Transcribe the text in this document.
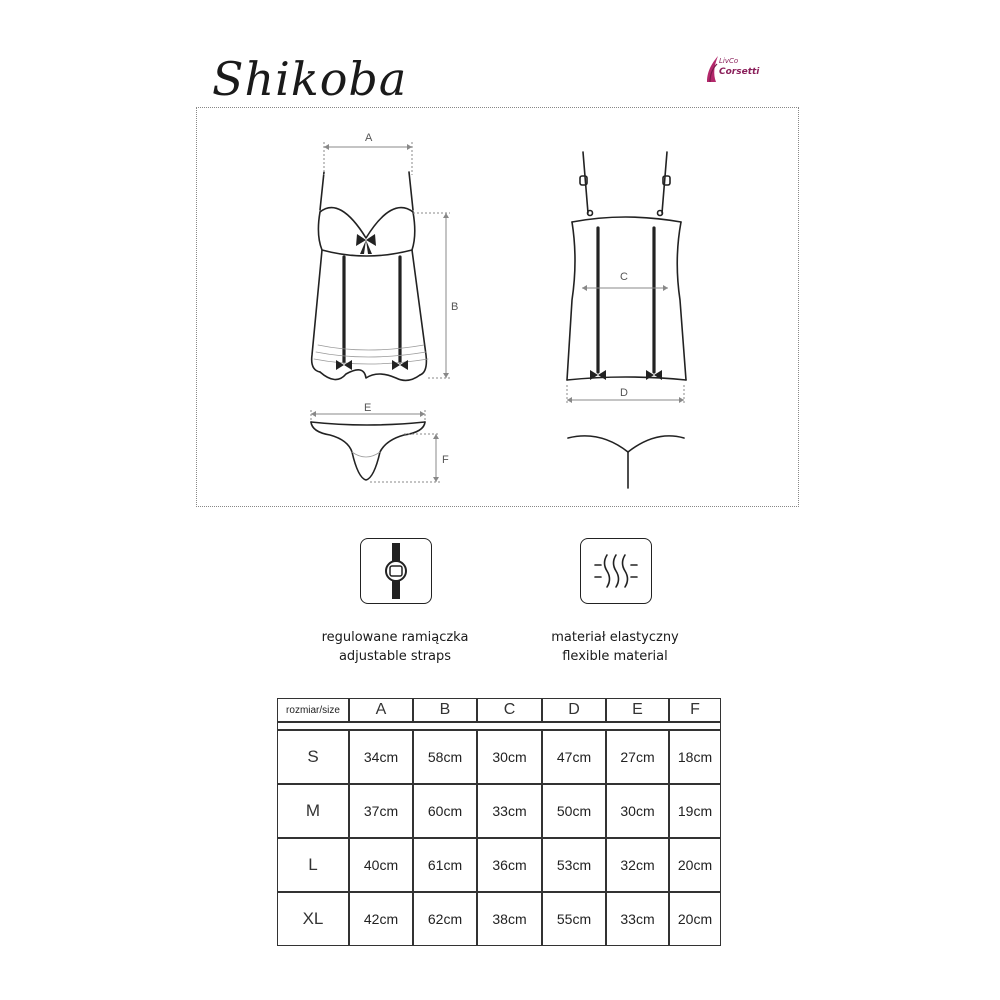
Shikoba	LivCo
Corsetti
A
B
C
D
E
F
regulowane ramiączka
adjustable straps
materiał elastyczny
flexible material
rozmiar/size	A	B	C	D	E	F

S	34cm	58cm	30cm	47cm	27cm	18cm
M	37cm	60cm	33cm	50cm	30cm	19cm
L	40cm	61cm	36cm	53cm	32cm	20cm
XL	42cm	62cm	38cm	55cm	33cm	20cm
